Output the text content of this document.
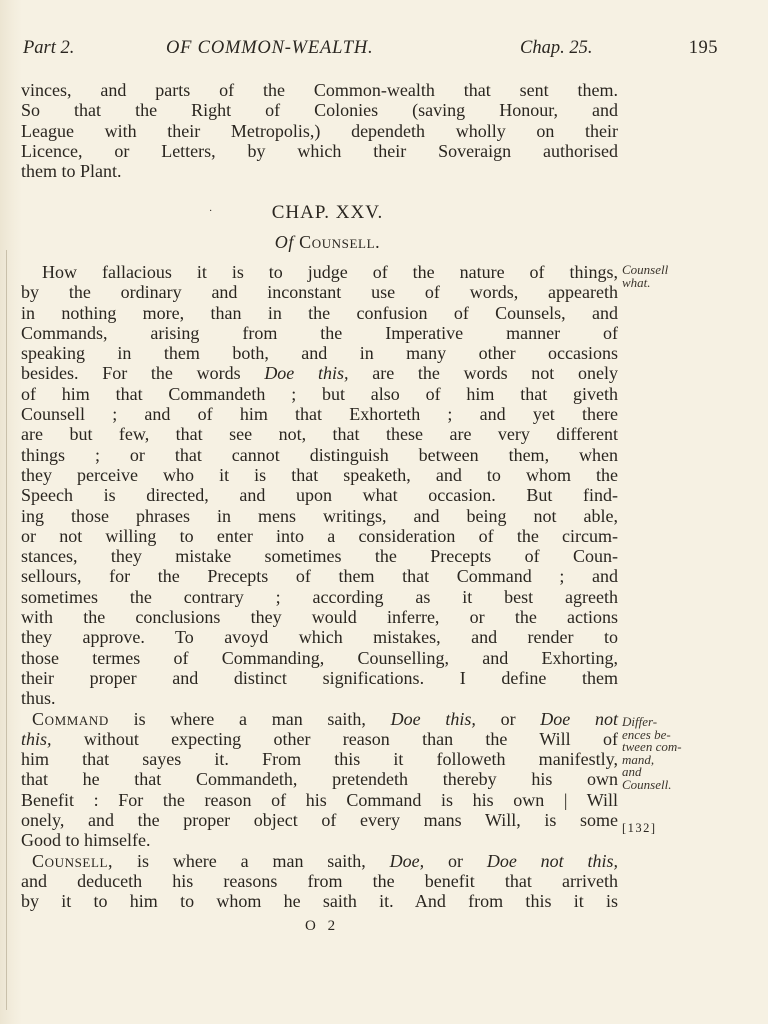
Part 2.	OF COMMON-WEALTH.	Chap. 25.	195
vinces, and parts of the Common-wealth that sent them.
So that the Right of Colonies (saving Honour, and
League with their Metropolis,) dependeth wholly on their
Licence, or Letters, by which their Soveraign authorised
them to Plant.
·	CHAP. XXV.
Of Counsell.
How fallacious it is to judge of the nature of things,
by the ordinary and inconstant use of words, appeareth
in nothing more, than in the confusion of Counsels, and
Commands, arising from the Imperative manner of
speaking in them both, and in many other occasions
besides. For the words Doe this, are the words not onely
of him that Commandeth ; but also of him that giveth
Counsell ; and of him that Exhorteth ; and yet there
are but few, that see not, that these are very different
things ; or that cannot distinguish between them, when
they perceive who it is that speaketh, and to whom the
Speech is directed, and upon what occasion. But find-
ing those phrases in mens writings, and being not able,
or not willing to enter into a consideration of the circum-
stances, they mistake sometimes the Precepts of Coun-
sellours, for the Precepts of them that Command ; and
sometimes the contrary ; according as it best agreeth
with the conclusions they would inferre, or the actions
they approve. To avoyd which mistakes, and render to
those termes of Commanding, Counselling, and Exhorting,
their proper and distinct significations. I define them
thus.
Command is where a man saith, Doe this, or Doe not
this, without expecting other reason than the Will of
him that sayes it. From this it followeth manifestly,
that he that Commandeth, pretendeth thereby his own
Benefit : For the reason of his Command is his own | Will
onely, and the proper object of every mans Will, is some
Good to himselfe.
Counsell, is where a man saith, Doe, or Doe not this,
and deduceth his reasons from the benefit that arriveth
by it to him to whom he saith it. And from this it is
Counsell
what.
Differ-
ences be-
tween com-
mand,
and
Counsell.
[132]
O 2
